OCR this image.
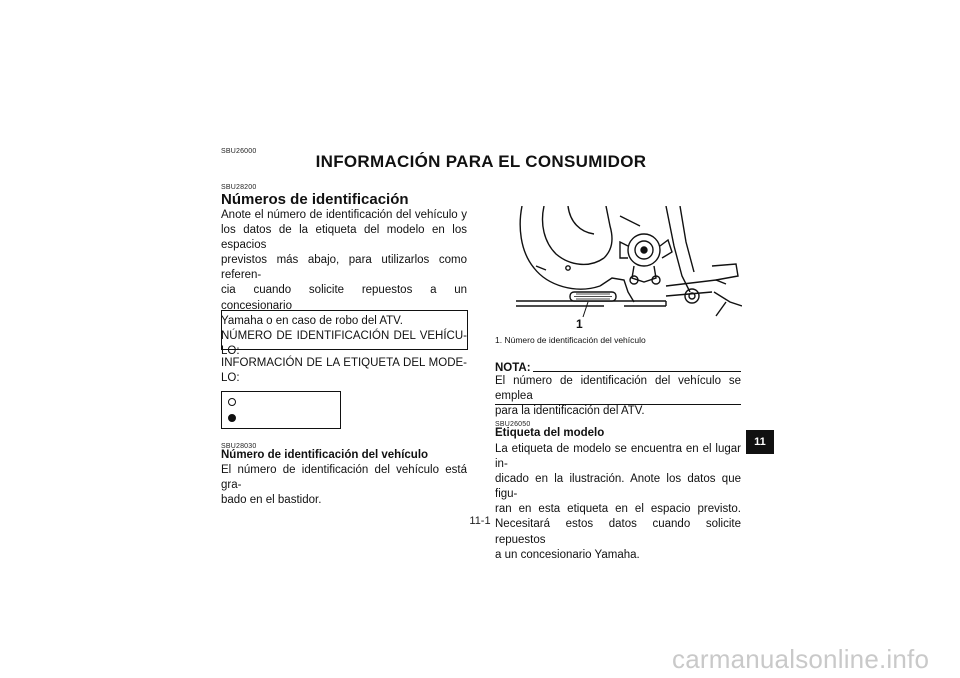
SBU26000
INFORMACIÓN PARA EL CONSUMIDOR
SBU28200
Números de identificación
Anote el número de identificación del vehículo y
los datos de la etiqueta del modelo en los espacios
previstos más abajo, para utilizarlos como referen-
cia cuando solicite repuestos a un concesionario
Yamaha o en caso de robo del ATV.
NÚMERO DE IDENTIFICACIÓN DEL VEHÍCU-
LO:
INFORMACIÓN DE LA ETIQUETA DEL MODE-
LO:
SBU28030
Número de identificación del vehículo
El número de identificación del vehículo está gra-
bado en el bastidor.
1
1. Número de identificación del vehículo
NOTA:
El número de identificación del vehículo se emplea
para la identificación del ATV.
SBU26050
Etiqueta del modelo
La etiqueta de modelo se encuentra en el lugar in-
dicado en la ilustración. Anote los datos que figu-
ran en esta etiqueta en el espacio previsto.
Necesitará estos datos cuando solicite repuestos
a un concesionario Yamaha.
11
11-1
carmanualsonline.info
